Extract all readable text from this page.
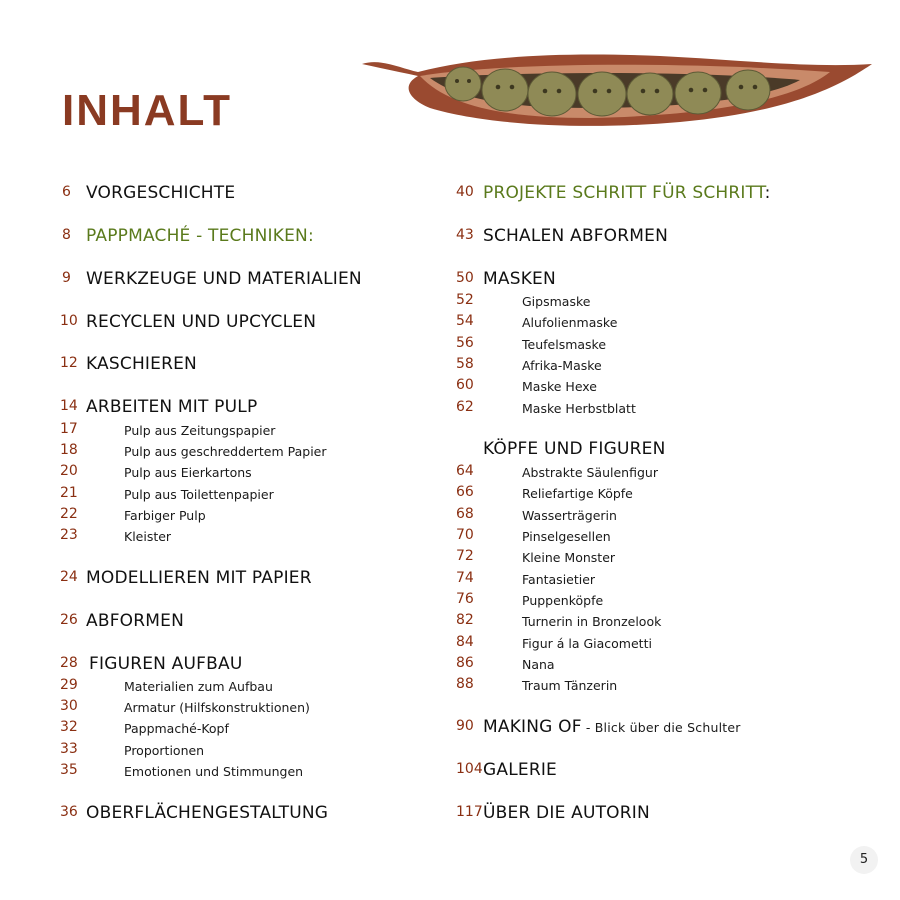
INHALT
6 VORGESCHICHTE
8 PAPPMACHÉ - TECHNIKEN:
9 WERKZEUGE UND MATERIALIEN
10 RECYCLEN UND UPCYCLEN
12 KASCHIEREN
14 ARBEITEN MIT PULP
17	Pulp aus Zeitungspapier
18	Pulp aus geschreddertem Papier
20	Pulp aus Eierkartons
21	Pulp aus Toilettenpapier
22	Farbiger Pulp
23	Kleister
24 MODELLIEREN MIT PAPIER
26 ABFORMEN
28 FIGUREN AUFBAU
29	Materialien zum Aufbau
30	Armatur (Hilfskonstruktionen)
32	Pappmaché-Kopf
33	Proportionen
35	Emotionen und Stimmungen
36 OBERFLÄCHENGESTALTUNG
40 PROJEKTE SCHRITT FÜR SCHRITT:
43 SCHALEN ABFORMEN
50 MASKEN
52	Gipsmaske
54	Alufolienmaske
56	Teufelsmaske
58	Afrika-Maske
60	Maske Hexe
62	Maske Herbstblatt
KÖPFE UND FIGUREN
64	Abstrakte Säulenfigur
66	Reliefartige Köpfe
68	Wasserträgerin
70	Pinselgesellen
72	Kleine Monster
74	Fantasietier
76	Puppenköpfe
82	Turnerin in Bronzelook
84	Figur á la Giacometti
86	Nana
88	Traum Tänzerin
90 MAKING OF - Blick über die Schulter
104 GALERIE
117 ÜBER DIE AUTORIN
5
